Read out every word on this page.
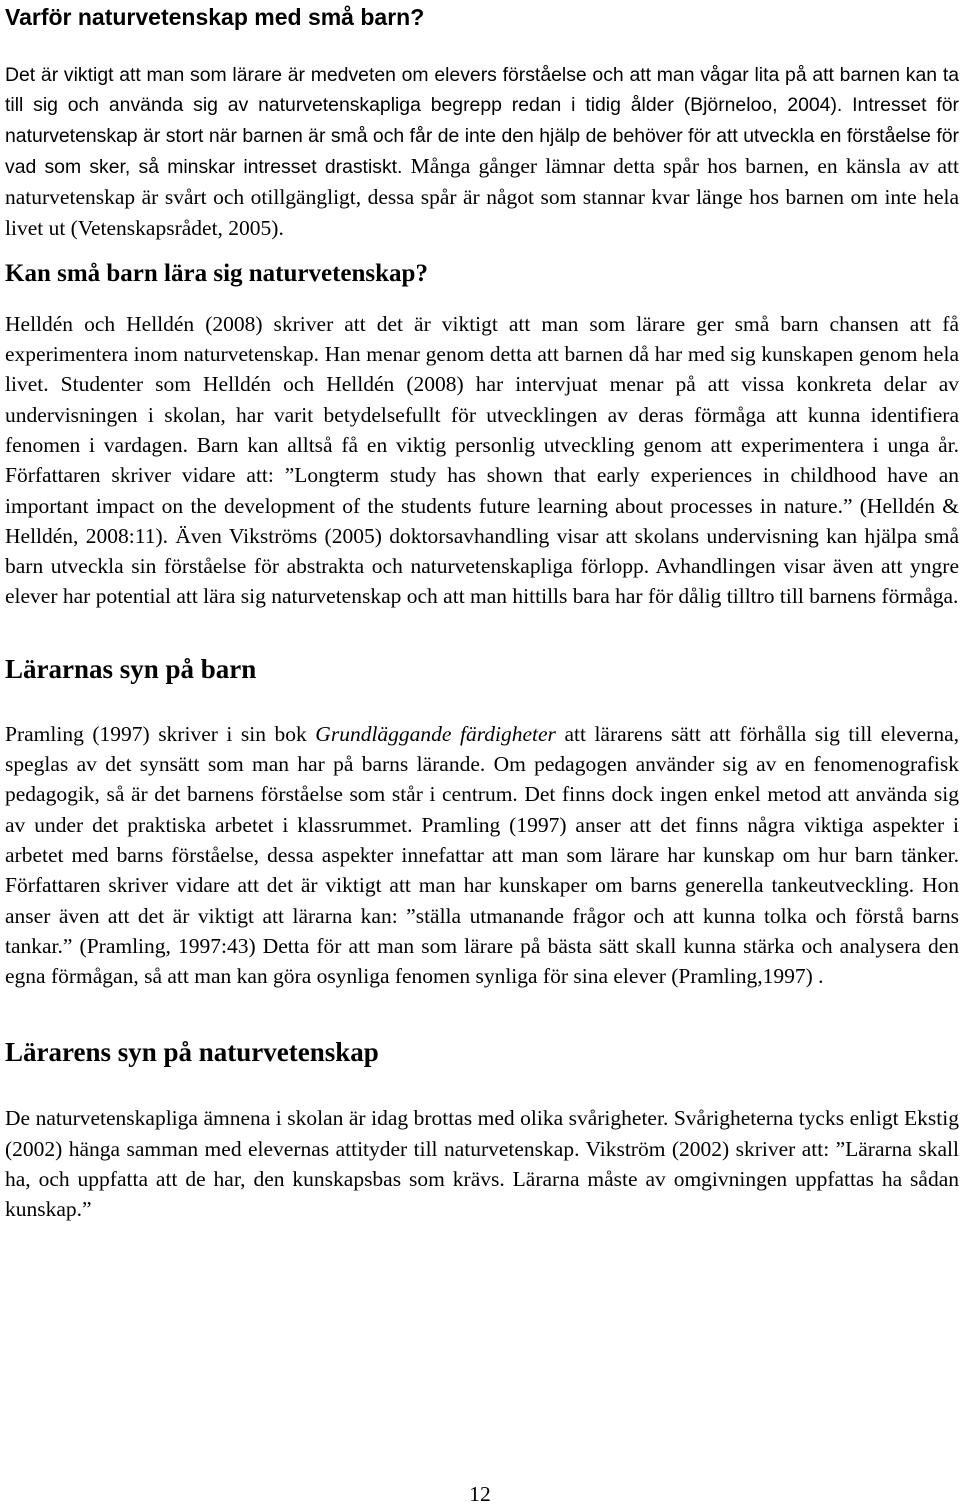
Varför naturvetenskap med små barn?

Det är viktigt att man som lärare är medveten om elevers förståelse och att man vågar lita på att barnen kan ta till sig och använda sig av naturvetenskapliga begrepp redan i tidig ålder (Björneloo, 2004). Intresset för naturvetenskap är stort när barnen är små och får de inte den hjälp de behöver för att utveckla en förståelse för vad som sker, så minskar intresset drastiskt. Många gånger lämnar detta spår hos barnen, en känsla av att naturvetenskap är svårt och otillgängligt, dessa spår är något som stannar kvar länge hos barnen om inte hela livet ut (Vetenskapsrådet, 2005).

Kan små barn lära sig naturvetenskap?

Helldén och Helldén (2008) skriver att det är viktigt att man som lärare ger små barn chansen att få experimentera inom naturvetenskap. Han menar genom detta att barnen då har med sig kunskapen genom hela livet. Studenter som Helldén och Helldén (2008) har intervjuat menar på att vissa konkreta delar av undervisningen i skolan, har varit betydelsefullt för utvecklingen av deras förmåga att kunna identifiera fenomen i vardagen. Barn kan alltså få en viktig personlig utveckling genom att experimentera i unga år. Författaren skriver vidare att: ”Longterm study has shown that early experiences in childhood have an important impact on the development of the students future learning about processes in nature.” (Helldén & Helldén, 2008:11). Även Vikströms (2005) doktorsavhandling visar att skolans undervisning kan hjälpa små barn utveckla sin förståelse för abstrakta och naturvetenskapliga förlopp. Avhandlingen visar även att yngre elever har potential att lära sig naturvetenskap och att man hittills bara har för dålig tilltro till barnens förmåga.

Lärarnas syn på barn

Pramling (1997) skriver i sin bok Grundläggande färdigheter att lärarens sätt att förhålla sig till eleverna, speglas av det synsätt som man har på barns lärande. Om pedagogen använder sig av en fenomenografisk pedagogik, så är det barnens förståelse som står i centrum. Det finns dock ingen enkel metod att använda sig av under det praktiska arbetet i klassrummet. Pramling (1997) anser att det finns några viktiga aspekter i arbetet med barns förståelse, dessa aspekter innefattar att man som lärare har kunskap om hur barn tänker. Författaren skriver vidare att det är viktigt att man har kunskaper om barns generella tankeutveckling. Hon anser även att det är viktigt att lärarna kan: ”ställa utmanande frågor och att kunna tolka och förstå barns tankar.” (Pramling, 1997:43) Detta för att man som lärare på bästa sätt skall kunna stärka och analysera den egna förmågan, så att man kan göra osynliga fenomen synliga för sina elever (Pramling,1997) .

Lärarens syn på naturvetenskap

De naturvetenskapliga ämnena i skolan är idag brottas med olika svårigheter. Svårigheterna tycks enligt Ekstig (2002) hänga samman med elevernas attityder till naturvetenskap. Vikström (2002) skriver att: ”Lärarna skall ha, och uppfatta att de har, den kunskapsbas som krävs. Lärarna måste av omgivningen uppfattas ha sådan kunskap.”

12
